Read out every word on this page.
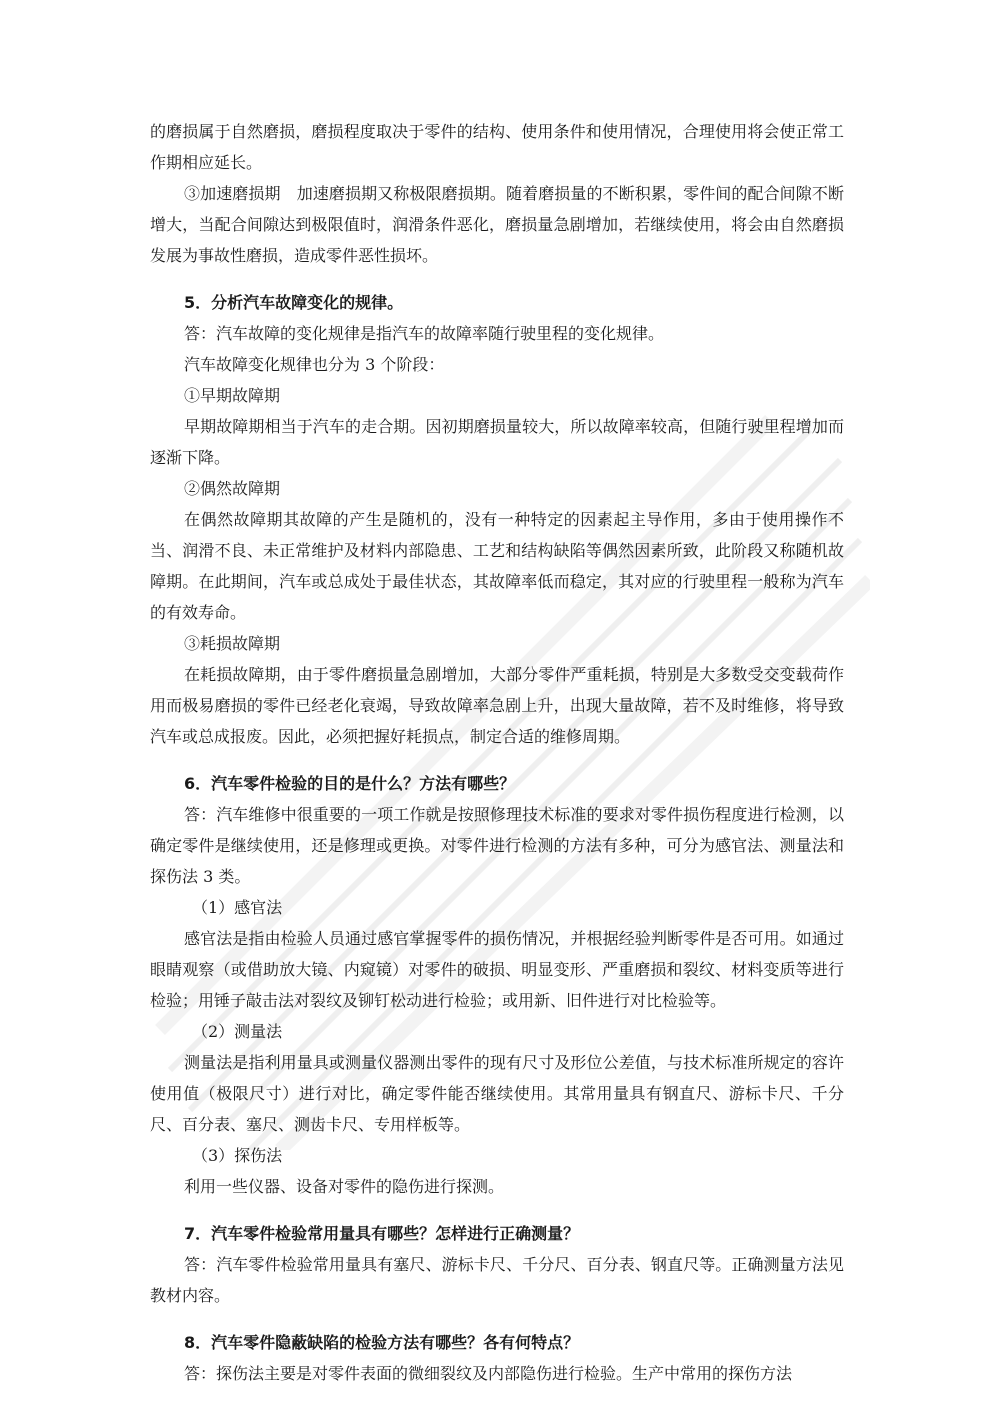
的磨损属于自然磨损，磨损程度取决于零件的结构、使用条件和使用情况，合理使用将会使正常工作期相应延长。

③加速磨损期　加速磨损期又称极限磨损期。随着磨损量的不断积累，零件间的配合间隙不断增大，当配合间隙达到极限值时，润滑条件恶化，磨损量急剧增加，若继续使用，将会由自然磨损发展为事故性磨损，造成零件恶性损坏。

5．分析汽车故障变化的规律。

答：汽车故障的变化规律是指汽车的故障率随行驶里程的变化规律。

汽车故障变化规律也分为 3 个阶段：

①早期故障期

早期故障期相当于汽车的走合期。因初期磨损量较大，所以故障率较高，但随行驶里程增加而逐渐下降。

②偶然故障期

在偶然故障期其故障的产生是随机的，没有一种特定的因素起主导作用，多由于使用操作不当、润滑不良、未正常维护及材料内部隐患、工艺和结构缺陷等偶然因素所致，此阶段又称随机故障期。在此期间，汽车或总成处于最佳状态，其故障率低而稳定，其对应的行驶里程一般称为汽车的有效寿命。

③耗损故障期

在耗损故障期，由于零件磨损量急剧增加，大部分零件严重耗损，特别是大多数受交变载荷作用而极易磨损的零件已经老化衰竭，导致故障率急剧上升，出现大量故障，若不及时维修，将导致汽车或总成报废。因此，必须把握好耗损点，制定合适的维修周期。

6．汽车零件检验的目的是什么？方法有哪些？

答：汽车维修中很重要的一项工作就是按照修理技术标准的要求对零件损伤程度进行检测，以确定零件是继续使用，还是修理或更换。对零件进行检测的方法有多种，可分为感官法、测量法和探伤法 3 类。

（1）感官法

感官法是指由检验人员通过感官掌握零件的损伤情况，并根据经验判断零件是否可用。如通过眼睛观察（或借助放大镜、内窥镜）对零件的破损、明显变形、严重磨损和裂纹、材料变质等进行检验；用锤子敲击法对裂纹及铆钉松动进行检验；或用新、旧件进行对比检验等。

（2）测量法

测量法是指利用量具或测量仪器测出零件的现有尺寸及形位公差值，与技术标准所规定的容许使用值（极限尺寸）进行对比，确定零件能否继续使用。其常用量具有钢直尺、游标卡尺、千分尺、百分表、塞尺、测齿卡尺、专用样板等。

（3）探伤法

利用一些仪器、设备对零件的隐伤进行探测。

7．汽车零件检验常用量具有哪些？怎样进行正确测量？

答：汽车零件检验常用量具有塞尺、游标卡尺、千分尺、百分表、钢直尺等。正确测量方法见教材内容。

8．汽车零件隐蔽缺陷的检验方法有哪些？各有何特点？

答：探伤法主要是对零件表面的微细裂纹及内部隐伤进行检验。生产中常用的探伤方法
